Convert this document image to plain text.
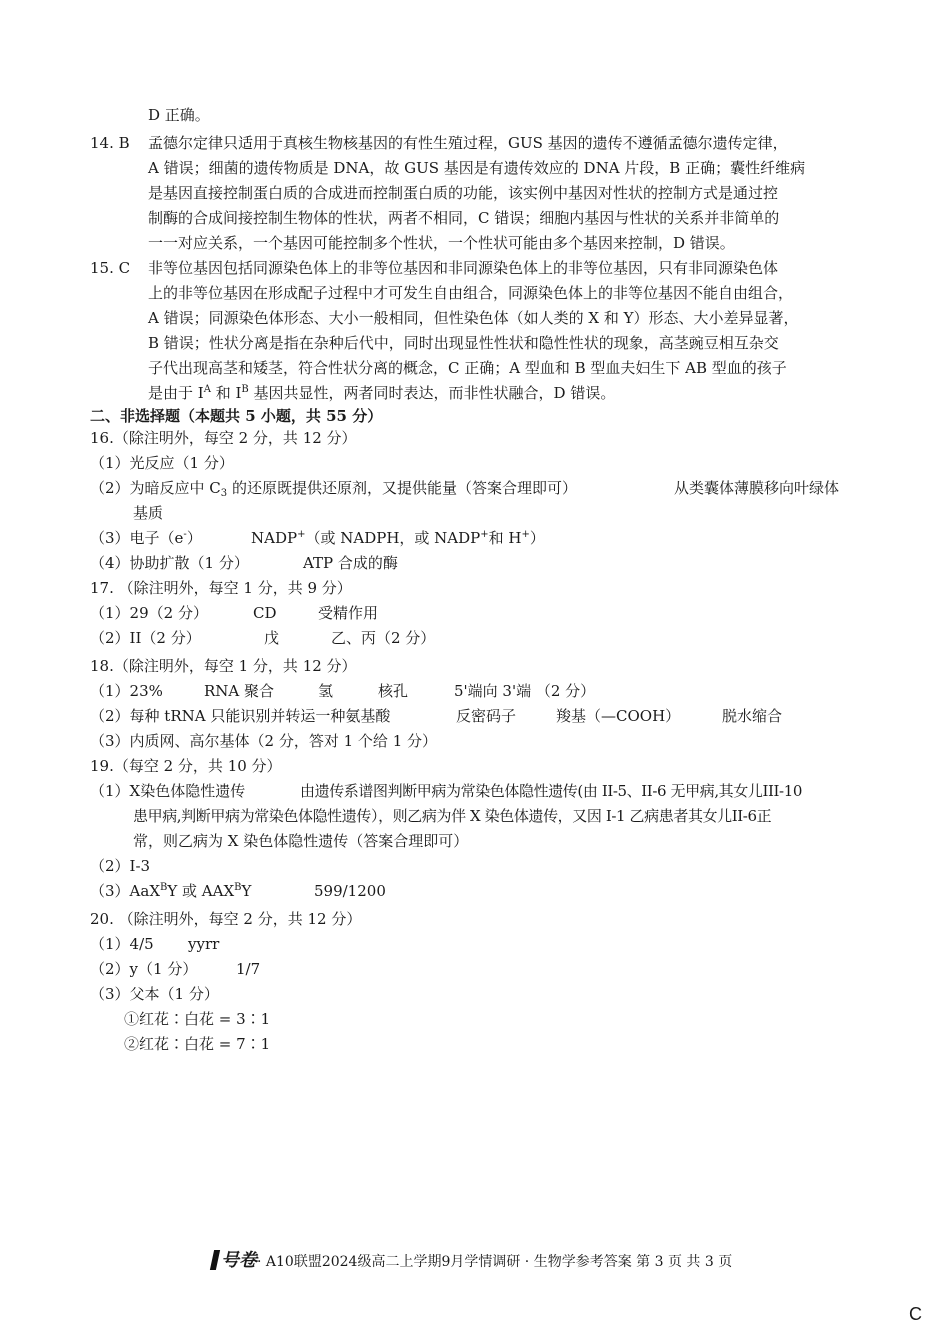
D 正确。
14. B 孟德尔定律只适用于真核生物核基因的有性生殖过程，GUS 基因的遗传不遵循孟德尔遗传定律，
A 错误；细菌的遗传物质是 DNA，故 GUS 基因是有遗传效应的 DNA 片段，B 正确；囊性纤维病
是基因直接控制蛋白质的合成进而控制蛋白质的功能，该实例中基因对性状的控制方式是通过控
制酶的合成间接控制生物体的性状，两者不相同，C 错误；细胞内基因与性状的关系并非简单的
一一对应关系，一个基因可能控制多个性状，一个性状可能由多个基因来控制，D 错误。
15. C 非等位基因包括同源染色体上的非等位基因和非同源染色体上的非等位基因，只有非同源染色体
上的非等位基因在形成配子过程中才可发生自由组合，同源染色体上的非等位基因不能自由组合，
A 错误；同源染色体形态、大小一般相同，但性染色体（如人类的 X 和 Y）形态、大小差异显著，
B 错误；性状分离是指在杂种后代中，同时出现显性性状和隐性性状的现象，高茎豌豆相互杂交
子代出现高茎和矮茎，符合性状分离的概念，C 正确；A 型血和 B 型血夫妇生下 AB 型血的孩子
是由于 $I^A$ 和 $I^B$ 基因共显性，两者同时表达，而非性状融合，D 错误。
二、非选择题（本题共 5 小题，共 55 分）
16.（除注明外，每空 2 分，共 12 分）
（1）光反应（1 分）
（2）为暗反应中 $C_3$ 的还原既提供还原剂，又提供能量（答案合理即可）	从类囊体薄膜移向叶绿体
基质
（3）电子（e-）	NADP+（或 NADPH，或 NADP+和 H+）
（4）协助扩散（1 分）	ATP 合成的酶
17. （除注明外，每空 1 分，共 9 分）
（1）29（2 分）	CD	受精作用
（2）II（2 分）	戊	乙、丙（2 分）
18.（除注明外，每空 1 分，共 12 分）
（1）23%	RNA 聚合	氢	核孔	5'端向 3'端 （2 分）
（2）每种 tRNA 只能识别并转运一种氨基酸	反密码子	羧基（—COOH）	脱水缩合
（3）内质网、高尔基体（2 分，答对 1 个给 1 分）
19.（每空 2 分，共 10 分）
（1）X染色体隐性遗传	由遗传系谱图判断甲病为常染色体隐性遗传(由 II-5、II-6 无甲病,其女儿III-10
患甲病,判断甲病为常染色体隐性遗传），则乙病为伴 X 染色体遗传，又因 I-1 乙病患者其女儿II-6正
常，则乙病为 X 染色体隐性遗传（答案合理即可）
（2）I-3
（3）AaX$^B$Y 或 $AAX^BY$	599/1200
20. （除注明外，每空 2 分，共 12 分）
（1）4/5 yyrr
（2）y（1 分）	1/7
（3）父本（1 分）
①红花∶白花 = 3∶1
②红花∶白花 = 7∶1
号卷· A10联盟2024级高二上学期9月学情调研 · 生物学参考答案 第 3 页 共 3 页
C
